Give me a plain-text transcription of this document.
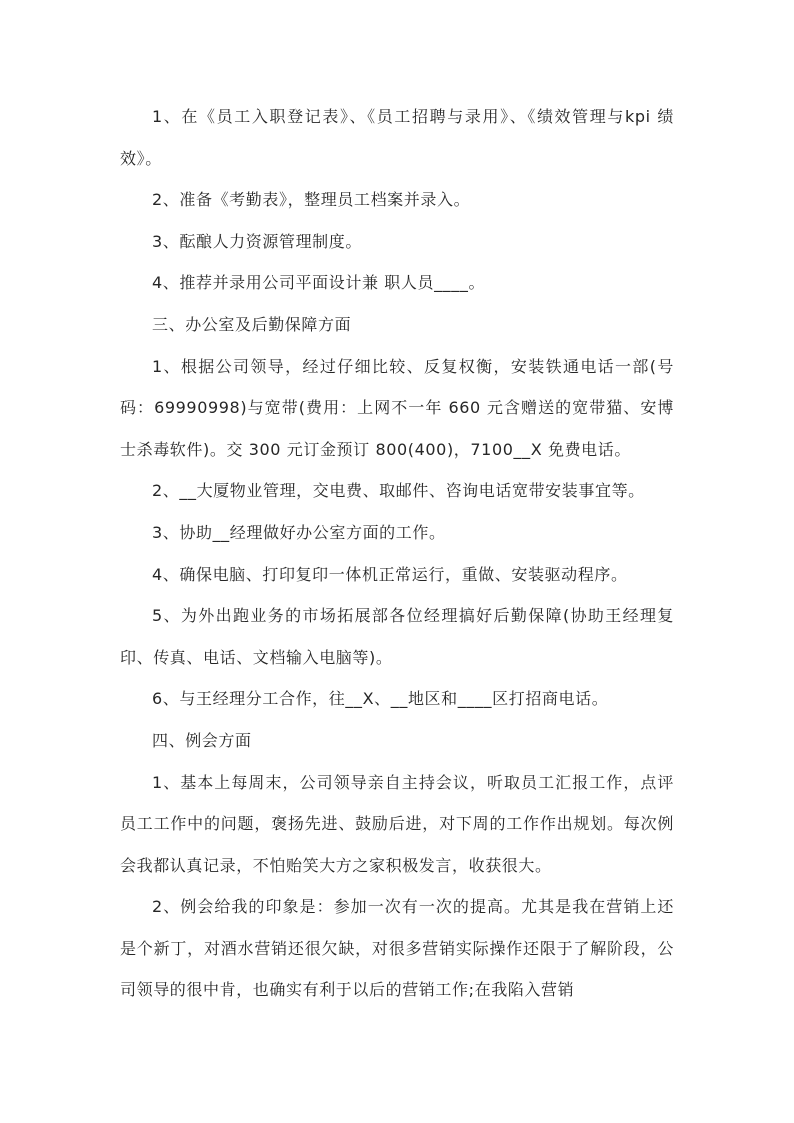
1、在《员工入职登记表》、《员工招聘与录用》、《绩效管理与kpi 绩效》。

2、准备《考勤表》，整理员工档案并录入。

3、酝酿人力资源管理制度。

4、推荐并录用公司平面设计兼 职人员____。

三、办公室及后勤保障方面

1、根据公司领导，经过仔细比较、反复权衡，安装铁通电话一部(号码：69990998)与宽带(费用：上网不一年 660 元含赠送的宽带猫、安博士杀毒软件)。交 300 元订金预订 800(400)，7100__X 免费电话。

2、__大厦物业管理，交电费、取邮件、咨询电话宽带安装事宜等。

3、协助__经理做好办公室方面的工作。

4、确保电脑、打印复印一体机正常运行，重做、安装驱动程序。

5、为外出跑业务的市场拓展部各位经理搞好后勤保障(协助王经理复印、传真、电话、文档输入电脑等)。

6、与王经理分工合作，往__X、__地区和____区打招商电话。

四、例会方面

1、基本上每周末，公司领导亲自主持会议，听取员工汇报工作，点评员工工作中的问题，褒扬先进、鼓励后进，对下周的工作作出规划。每次例会我都认真记录，不怕贻笑大方之家积极发言，收获很大。

2、例会给我的印象是：参加一次有一次的提高。尤其是我在营销上还是个新丁，对酒水营销还很欠缺，对很多营销实际操作还限于了解阶段，公司领导的很中肯，也确实有利于以后的营销工作;在我陷入营销
